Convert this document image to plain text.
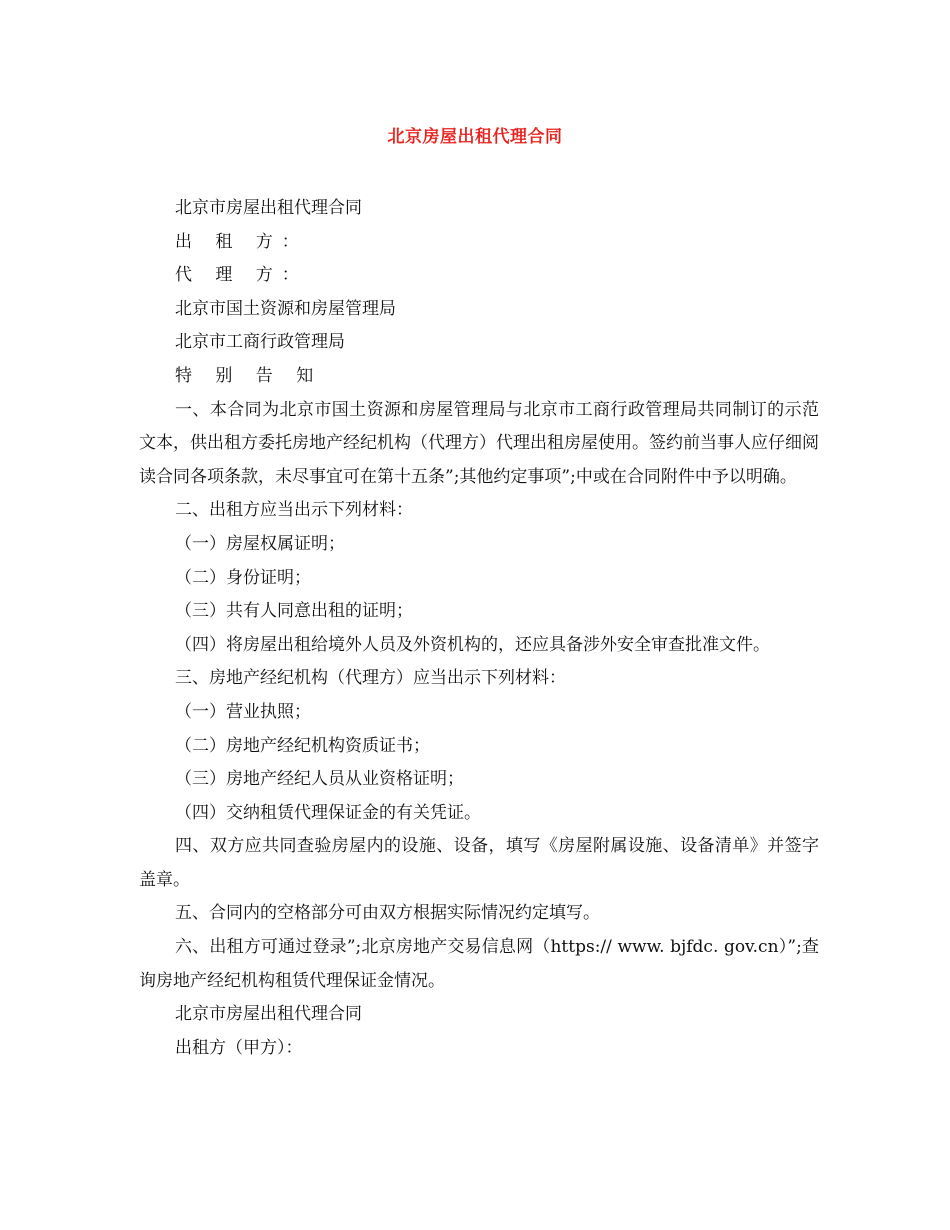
北京房屋出租代理合同

北京市房屋出租代理合同

出 租 方：

代 理 方：

北京市国土资源和房屋管理局

北京市工商行政管理局

特 别 告 知

一、本合同为北京市国土资源和房屋管理局与北京市工商行政管理局共同制订的示范文本，供出租方委托房地产经纪机构（代理方）代理出租房屋使用。签约前当事人应仔细阅读合同各项条款，未尽事宜可在第十五条”;其他约定事项”;中或在合同附件中予以明确。

二、出租方应当出示下列材料：

（一）房屋权属证明；

（二）身份证明；

（三）共有人同意出租的证明；

（四）将房屋出租给境外人员及外资机构的，还应具备涉外安全审查批准文件。

三、房地产经纪机构（代理方）应当出示下列材料：

（一）营业执照；

（二）房地产经纪机构资质证书；

（三）房地产经纪人员从业资格证明；

（四）交纳租赁代理保证金的有关凭证。

四、双方应共同查验房屋内的设施、设备，填写《房屋附属设施、设备清单》并签字盖章。

五、合同内的空格部分可由双方根据实际情况约定填写。

六、出租方可通过登录”;北京房地产交易信息网（https:// www. bjfdc. gov.cn）”;查询房地产经纪机构租赁代理保证金情况。

北京市房屋出租代理合同

出租方（甲方）：
